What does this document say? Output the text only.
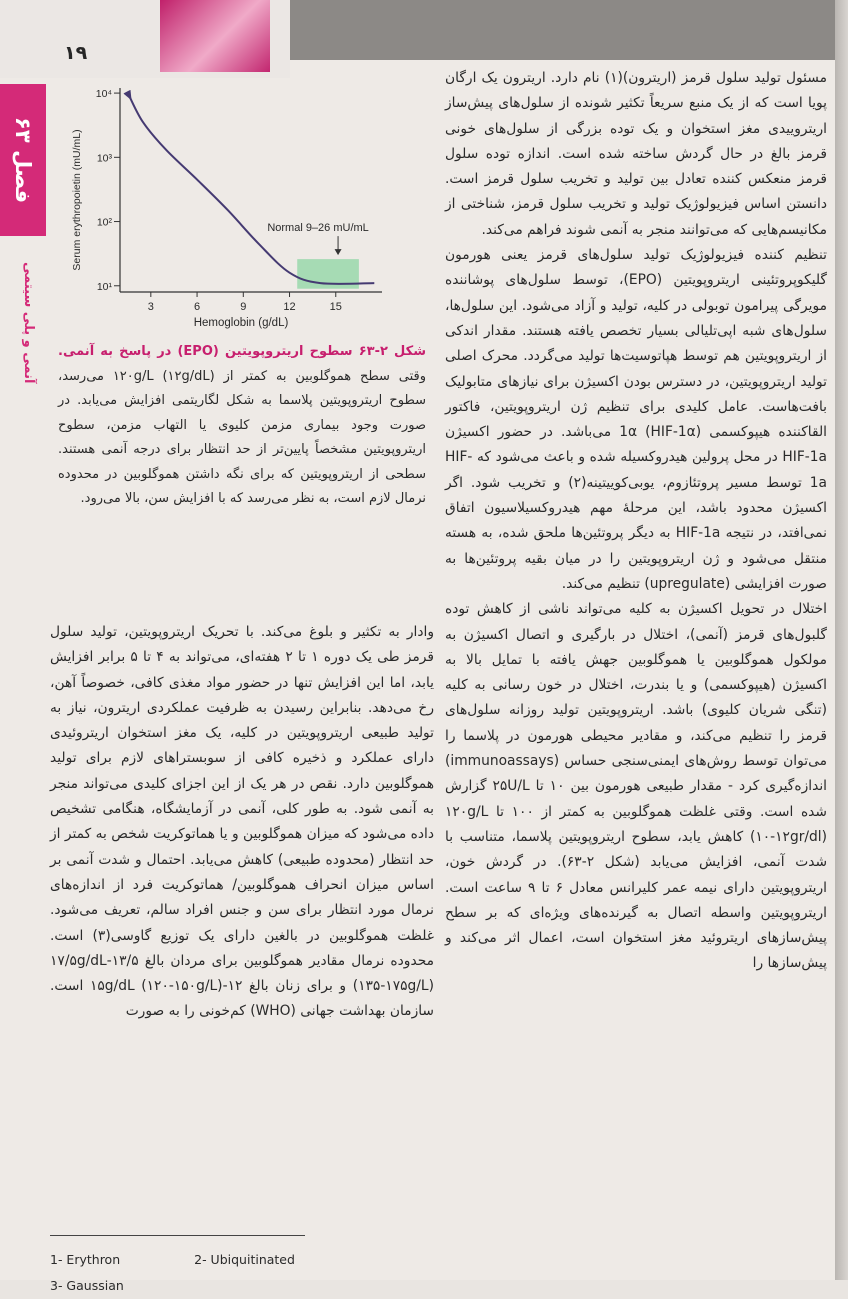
۱۹
فصل ۶۳
آنمی و پلی سیتمی
Normal 9–26 mU/mL
3	6	9	12	15
10¹
10²
10³
10⁴
Hemoglobin (g/dL)
Serum erythropoietin (mU/mL)
شکل ۲-۶۳ سطوح اریتروپویتین (EPO) در پاسخ به آنمی. وقتی سطح هموگلوبین به کمتر از ۱۲۰g/L (۱۲g/dL) می‌رسد، سطوح اریتروپویتین پلاسما به شکل لگاریتمی افزایش می‌یابد. در صورت وجود بیماری مزمن کلیوی یا التهاب مزمن، سطوح اریتروپویتین مشخصاً پایین‌تر از حد انتظار برای درجه آنمی هستند. سطحی از اریتروپویتین که برای نگه داشتن هموگلوبین در محدوده نرمال لازم است، به نظر می‌رسد که با افزایش سن، بالا می‌رود.

مسئول تولید سلول قرمز (اریترون)(۱) نام دارد. اریترون یک ارگان پویا است که از یک منبع سریعاً تکثیر شونده از سلول‌های پیش‌ساز اریتروییدی مغز استخوان و یک توده بزرگی از سلول‌های خونی قرمز بالغ در حال گردش ساخته شده است. اندازه توده سلول قرمز منعکس کننده تعادل بین تولید و تخریب سلول قرمز است. دانستن اساس فیزیولوژیک تولید و تخریب سلول قرمز، شناختی از مکانیسم‌هایی که می‌توانند منجر به آنمی شوند فراهم می‌کند.

تنظیم کننده فیزیولوژیک تولید سلول‌های قرمز یعنی هورمون گلیکوپروتئینی اریتروپویتین (EPO)، توسط سلول‌های پوشاننده مویرگی پیرامون توبولی در کلیه، تولید و آزاد می‌شود. این سلول‌ها، سلول‌های شبه اپی‌تلیالی بسیار تخصص یافته هستند. مقدار اندکی از اریتروپویتین هم توسط هپاتوسیت‌ها تولید می‌گردد. محرک اصلی تولید اریتروپویتین، در دسترس بودن اکسیژن برای نیازهای متابولیک بافت‌هاست. عامل کلیدی برای تنظیم ژن اریتروپویتین، فاکتور القاکننده هیپوکسمی 1α (HIF-1α) می‌باشد. در حضور اکسیژن HIF-1a در محل پرولین هیدروکسیله شده و باعث می‌شود که HIF-1a توسط مسیر پروتئازوم، یوبی‌کوییتینه(۲) و تخریب شود. اگر اکسیژن محدود باشد، این مرحلهٔ مهم هیدروکسیلاسیون اتفاق نمی‌افتد، در نتیجه HIF-1a به دیگر پروتئین‌ها ملحق شده، به هسته منتقل می‌شود و ژن اریتروپویتین را در میان بقیه پروتئین‌ها به صورت افزایشی (upregulate) تنظیم می‌کند.

اختلال در تحویل اکسیژن به کلیه می‌تواند ناشی از کاهش توده گلبول‌های قرمز (آنمی)، اختلال در بارگیری و اتصال اکسیژن به مولکول هموگلوبین یا هموگلوبین جهش یافته با تمایل بالا به اکسیژن (هیپوکسمی) و یا بندرت، اختلال در خون رسانی به کلیه (تنگی شریان کلیوی) باشد. اریتروپویتین تولید روزانه سلول‌های قرمز را تنظیم می‌کند، و مقادیر محیطی هورمون در پلاسما را می‌توان توسط روش‌های ایمنی‌سنجی حساس (immunoassays) اندازه‌گیری کرد - مقدار طبیعی هورمون بین ۱۰ تا ۲۵U/L گزارش شده است. وقتی غلظت هموگلوبین به کمتر از ۱۰۰ تا ۱۲۰g/L (۱۰-۱۲gr/dl) کاهش یابد، سطوح اریتروپویتین پلاسما، متناسب با شدت آنمی، افزایش می‌یابد (شکل ۲-۶۳). در گردش خون، اریتروپویتین دارای نیمه عمر کلیرانس معادل ۶ تا ۹ ساعت است. اریتروپویتین واسطه اتصال به گیرنده‌های ویژه‌ای که بر سطح پیش‌سازهای اریتروئید مغز استخوان است، اعمال اثر می‌کند و پیش‌سازها را

وادار به تکثیر و بلوغ می‌کند. با تحریک اریتروپویتین، تولید سلول قرمز طی یک دوره ۱ تا ۲ هفته‌ای، می‌تواند به ۴ تا ۵ برابر افزایش یابد، اما این افزایش تنها در حضور مواد مغذی کافی، خصوصاً آهن، رخ می‌دهد. بنابراین رسیدن به ظرفیت عملکردی اریترون، نیاز به تولید طبیعی اریتروپویتین در کلیه، یک مغز استخوان اریتروئیدی دارای عملکرد و ذخیره کافی از سوبستراهای لازم برای تولید هموگلوبین دارد. نقص در هر یک از این اجزای کلیدی می‌تواند منجر به آنمی شود. به طور کلی، آنمی در آزمایشگاه، هنگامی تشخیص داده می‌شود که میزان هموگلوبین و یا هماتوکریت شخص به کمتر از حد انتظار (محدوده طبیعی) کاهش می‌یابد. احتمال و شدت آنمی بر اساس میزان انحراف هموگلوبین/ هماتوکریت فرد از اندازه‌های نرمال مورد انتظار برای سن و جنس افراد سالم، تعریف می‌شود. غلظت هموگلوبین در بالغین دارای یک توزیع گاوسی(۳) است. محدوده نرمال مقادیر هموگلوبین برای مردان بالغ ۱۳/۵-۱۷/۵g/dL (۱۳۵-۱۷۵g/L) و برای زنان بالغ ۱۲-۱۵g/dL (۱۲۰-۱۵۰g/L) است. سازمان بهداشت جهانی (WHO) کم‌خونی را به صورت

1- Erythron	2- Ubiquitinated
3- Gaussian
